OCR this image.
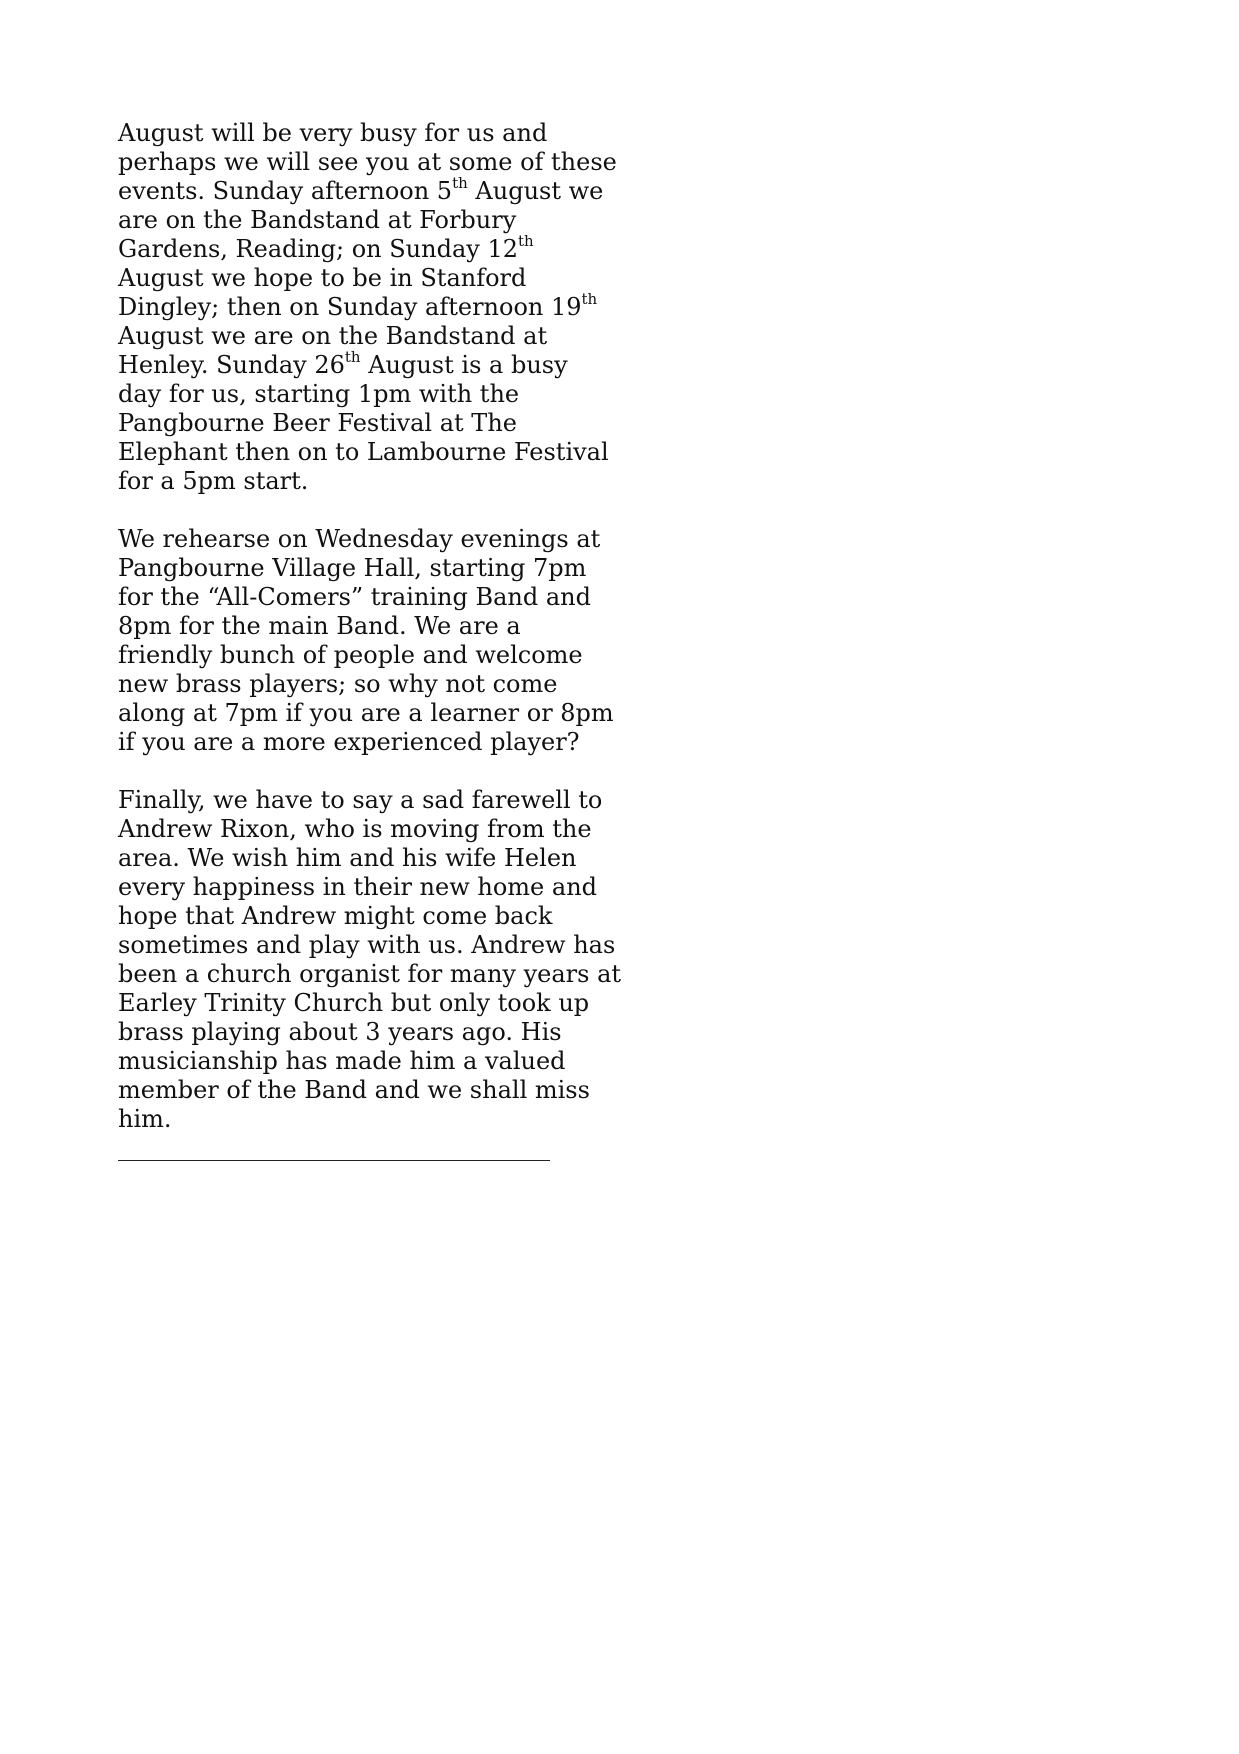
August will be very busy for us and
perhaps we will see you at some of these
events. Sunday afternoon 5th August we
are on the Bandstand at Forbury
Gardens, Reading; on Sunday 12th
August we hope to be in Stanford
Dingley; then on Sunday afternoon 19th
August we are on the Bandstand at
Henley. Sunday 26th August is a busy
day for us, starting 1pm with the
Pangbourne Beer Festival at The
Elephant then on to Lambourne Festival
for a 5pm start.
We rehearse on Wednesday evenings at
Pangbourne Village Hall, starting 7pm
for the “All-Comers” training Band and
8pm for the main Band. We are a
friendly bunch of people and welcome
new brass players; so why not come
along at 7pm if you are a learner or 8pm
if you are a more experienced player?
Finally, we have to say a sad farewell to
Andrew Rixon, who is moving from the
area. We wish him and his wife Helen
every happiness in their new home and
hope that Andrew might come back
sometimes and play with us. Andrew has
been a church organist for many years at
Earley Trinity Church but only took up
brass playing about 3 years ago. His
musicianship has made him a valued
member of the Band and we shall miss
him.
